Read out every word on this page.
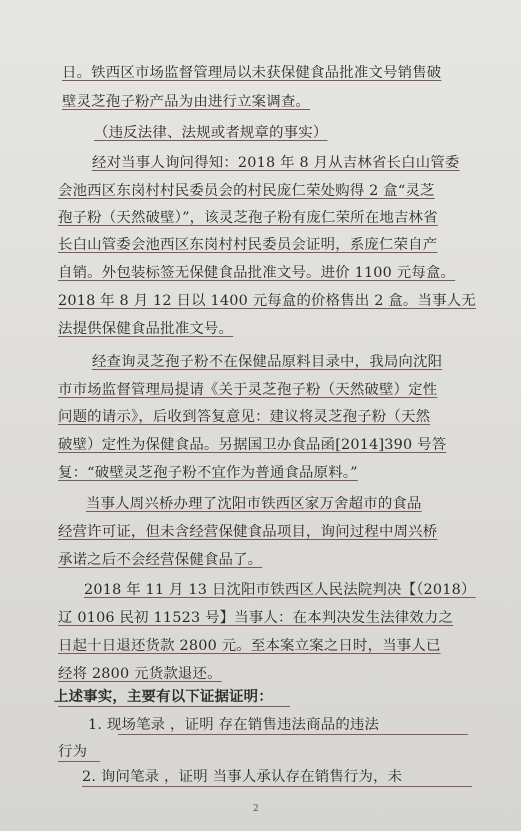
日。铁西区市场监督管理局以未获保健食品批准文号销售破
壁灵芝孢子粉产品为由进行立案调查。
（违反法律、法规或者规章的事实）
经对当事人询问得知：2018 年 8 月从吉林省长白山管委
会池西区东岗村村民委员会的村民庞仁荣处购得 2 盒“灵芝
孢子粉（天然破壁）”，该灵芝孢子粉有庞仁荣所在地吉林省
长白山管委会池西区东岗村村民委员会证明，系庞仁荣自产
自销。外包装标签无保健食品批准文号。进价 1100 元每盒。
2018 年 8 月 12 日以 1400 元每盒的价格售出 2 盒。当事人无
法提供保健食品批准文号。
经查询灵芝孢子粉不在保健品原料目录中，我局向沈阳
市市场监督管理局提请《关于灵芝孢子粉（天然破壁）定性
问题的请示》，后收到答复意见：建议将灵芝孢子粉（天然
破壁）定性为保健食品。另据国卫办食品函[2014]390 号答
复：“破壁灵芝孢子粉不宜作为普通食品原料。”
当事人周兴桥办理了沈阳市铁西区家万舍超市的食品
经营许可证，但未含经营保健食品项目，询问过程中周兴桥
承诺之后不会经营保健食品了。
2018 年 11 月 13 日沈阳市铁西区人民法院判决【（2018）
辽 0106 民初 11523 号】当事人：在本判决发生法律效力之
日起十日退还货款 2800 元。至本案立案之日时，当事人已
经将 2800 元货款退还。
上述事实，主要有以下证据证明：
1. 现场笔录 ，证明 存在销售违法商品的违法
行为
2. 询问笔录 ，证明 当事人承认存在销售行为，未
2
